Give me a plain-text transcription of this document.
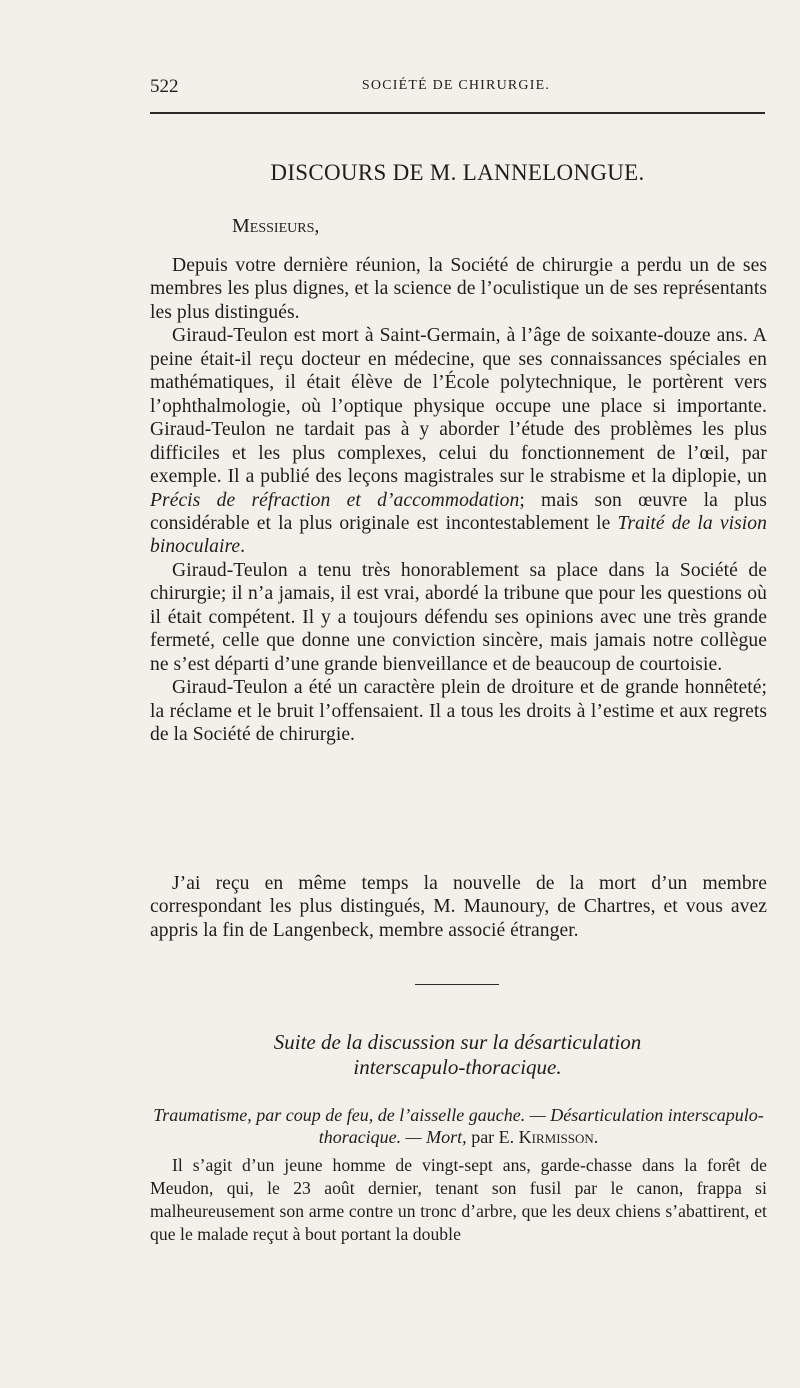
522	SOCIÉTÉ DE CHIRURGIE.
DISCOURS DE M. LANNELONGUE.
Messieurs,

Depuis votre dernière réunion, la Société de chirurgie a perdu un de ses membres les plus dignes, et la science de l’oculistique un de ses représentants les plus distingués.

Giraud-Teulon est mort à Saint-Germain, à l’âge de soixante-douze ans. A peine était-il reçu docteur en médecine, que ses connaissances spéciales en mathématiques, il était élève de l’École polytechnique, le portèrent vers l’ophthalmologie, où l’optique physique occupe une place si importante. Giraud-Teulon ne tardait pas à y aborder l’étude des problèmes les plus difficiles et les plus complexes, celui du fonctionnement de l’œil, par exemple. Il a publié des leçons magistrales sur le strabisme et la diplopie, un Précis de réfraction et d’accommodation; mais son œuvre la plus considérable et la plus originale est incontestablement le Traité de la vision binoculaire.

Giraud-Teulon a tenu très honorablement sa place dans la Société de chirurgie; il n’a jamais, il est vrai, abordé la tribune que pour les questions où il était compétent. Il y a toujours défendu ses opinions avec une très grande fermeté, celle que donne une conviction sincère, mais jamais notre collègue ne s’est départi d’une grande bienveillance et de beaucoup de courtoisie.

Giraud-Teulon a été un caractère plein de droiture et de grande honnêteté; la réclame et le bruit l’offensaient. Il a tous les droits à l’estime et aux regrets de la Société de chirurgie.

J’ai reçu en même temps la nouvelle de la mort d’un membre correspondant les plus distingués, M. Maunoury, de Chartres, et vous avez appris la fin de Langenbeck, membre associé étranger.

Suite de la discussion sur la désarticulation
interscapulo-thoracique.
Traumatisme, par coup de feu, de l’aisselle gauche. — Désarticulation interscapulo-thoracique. — Mort, par E. Kirmisson.

Il s’agit d’un jeune homme de vingt-sept ans, garde-chasse dans la forêt de Meudon, qui, le 23 août dernier, tenant son fusil par le canon, frappa si malheureusement son arme contre un tronc d’arbre, que les deux chiens s’abattirent, et que le malade reçut à bout portant la double
